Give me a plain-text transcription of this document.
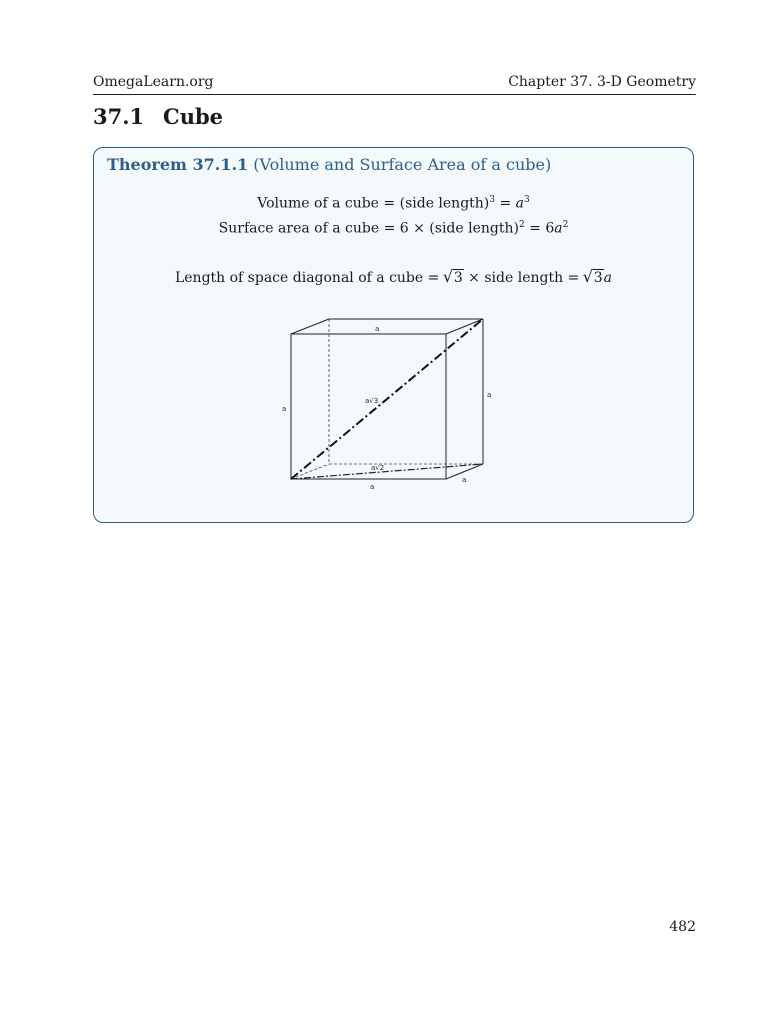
OmegaLearn.org	Chapter 37. 3-D Geometry
37.1 Cube
Theorem 37.1.1 (Volume and Surface Area of a cube)
Volume of a cube = (side length)$^3$ = $a^3$
Surface area of a cube = 6 × (side length)$^2$ = $6a^2$
Length of space diagonal of a cube = √ 3 × side length = √ 3a
a
a
a
a
a
a√3
a√2
482
